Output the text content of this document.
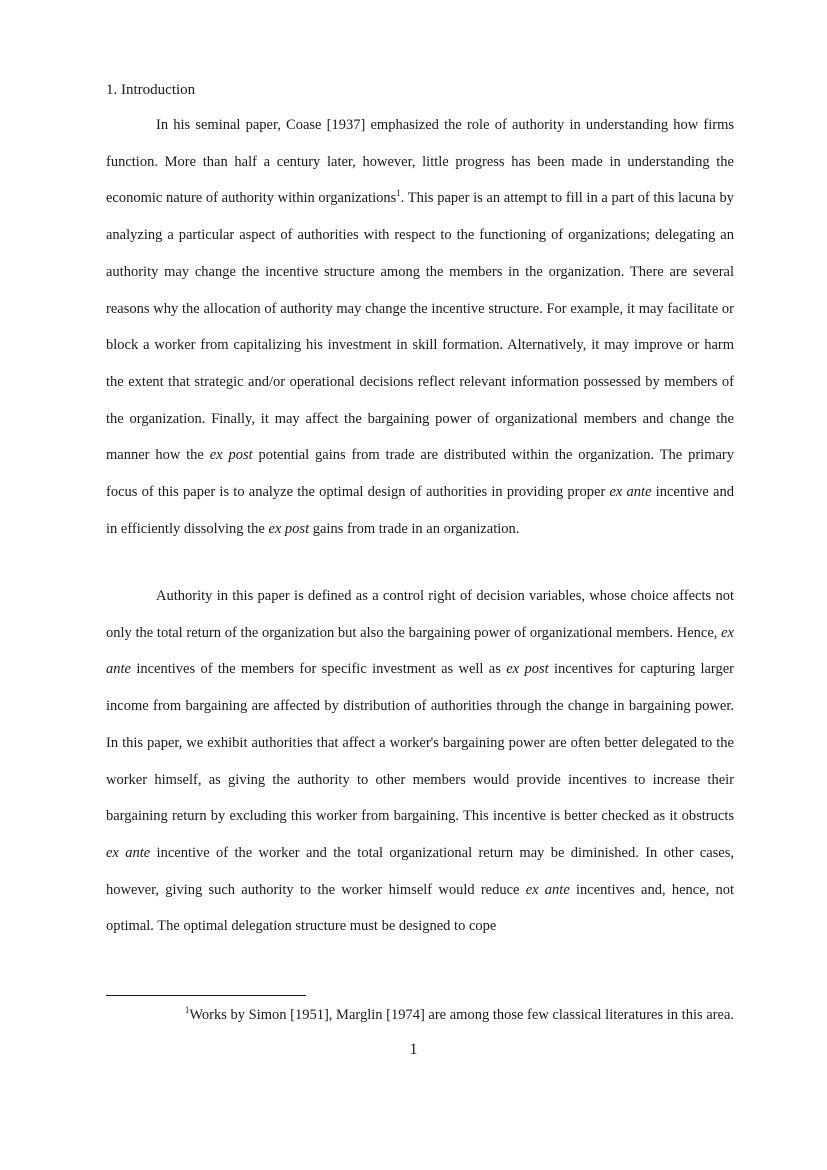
1. Introduction

In his seminal paper, Coase [1937] emphasized the role of authority in understanding how firms function. More than half a century later, however, little progress has been made in understanding the economic nature of authority within organizations$^1$. This paper is an attempt to fill in a part of this lacuna by analyzing a particular aspect of authorities with respect to the functioning of organizations; delegating an authority may change the incentive structure among the members in the organization. There are several reasons why the allocation of authority may change the incentive structure. For example, it may facilitate or block a worker from capitalizing his investment in skill formation. Alternatively, it may improve or harm the extent that strategic and/or operational decisions reflect relevant information possessed by members of the organization. Finally, it may affect the bargaining power of organizational members and change the manner how the ex post potential gains from trade are distributed within the organization. The primary focus of this paper is to analyze the optimal design of authorities in providing proper ex ante incentive and in efficiently dissolving the ex post gains from trade in an organization.

Authority in this paper is defined as a control right of decision variables, whose choice affects not only the total return of the organization but also the bargaining power of organizational members. Hence, ex ante incentives of the members for specific investment as well as ex post incentives for capturing larger income from bargaining are affected by distribution of authorities through the change in bargaining power. In this paper, we exhibit authorities that affect a worker's bargaining power are often better delegated to the worker himself, as giving the authority to other members would provide incentives to increase their bargaining return by excluding this worker from bargaining. This incentive is better checked as it obstructs ex ante incentive of the worker and the total organizational return may be diminished. In other cases, however, giving such authority to the worker himself would reduce ex ante incentives and, hence, not optimal. The optimal delegation structure must be designed to cope

$^1$Works by Simon [1951], Marglin [1974] are among those few classical literatures in this area.
1
